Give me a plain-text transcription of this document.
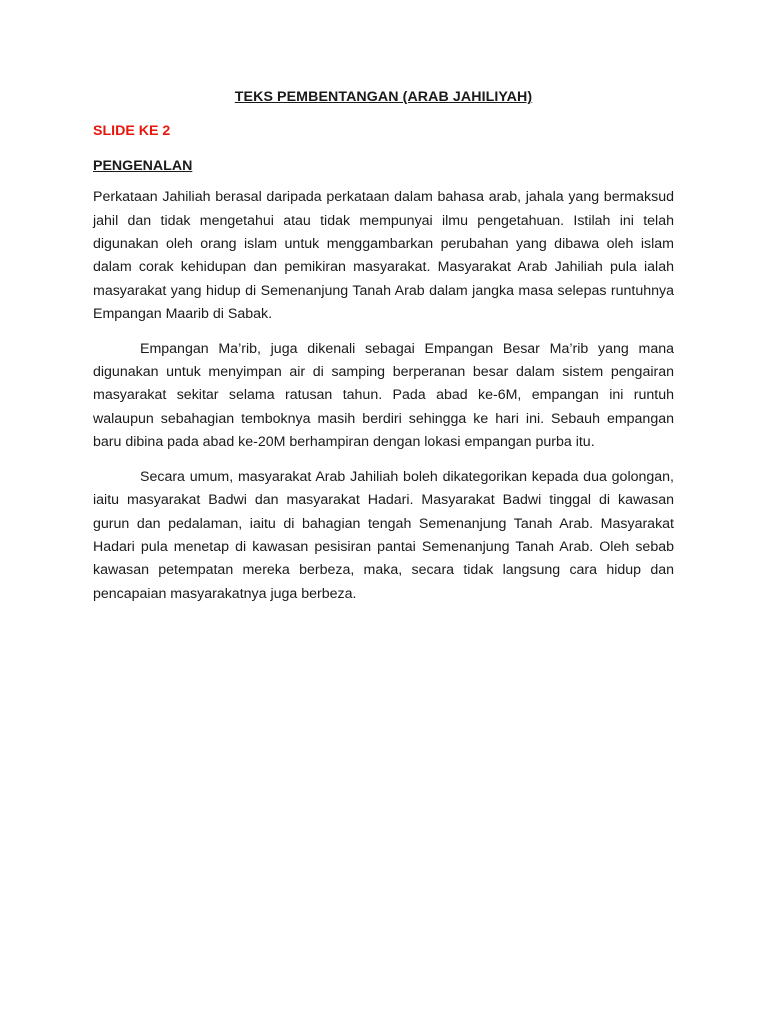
TEKS PEMBENTANGAN (ARAB JAHILIYAH)
SLIDE KE 2
PENGENALAN

Perkataan Jahiliah berasal daripada perkataan dalam bahasa arab, jahala yang bermaksud jahil dan tidak mengetahui atau tidak mempunyai ilmu pengetahuan. Istilah ini telah digunakan oleh orang islam untuk menggambarkan perubahan yang dibawa oleh islam dalam corak kehidupan dan pemikiran masyarakat. Masyarakat Arab Jahiliah pula ialah masyarakat yang hidup di Semenanjung Tanah Arab dalam jangka masa selepas runtuhnya Empangan Maarib di Sabak.

Empangan Ma’rib, juga dikenali sebagai Empangan Besar Ma’rib yang mana digunakan untuk menyimpan air di samping berperanan besar dalam sistem pengairan masyarakat sekitar selama ratusan tahun. Pada abad ke-6M, empangan ini runtuh walaupun sebahagian temboknya masih berdiri sehingga ke hari ini. Sebauh empangan baru dibina pada abad ke-20M berhampiran dengan lokasi empangan purba itu.

Secara umum, masyarakat Arab Jahiliah boleh dikategorikan kepada dua golongan, iaitu masyarakat Badwi dan masyarakat Hadari. Masyarakat Badwi tinggal di kawasan gurun dan pedalaman, iaitu di bahagian tengah Semenanjung Tanah Arab. Masyarakat Hadari pula menetap di kawasan pesisiran pantai Semenanjung Tanah Arab. Oleh sebab kawasan petempatan mereka berbeza, maka, secara tidak langsung cara hidup dan pencapaian masyarakatnya juga berbeza.
